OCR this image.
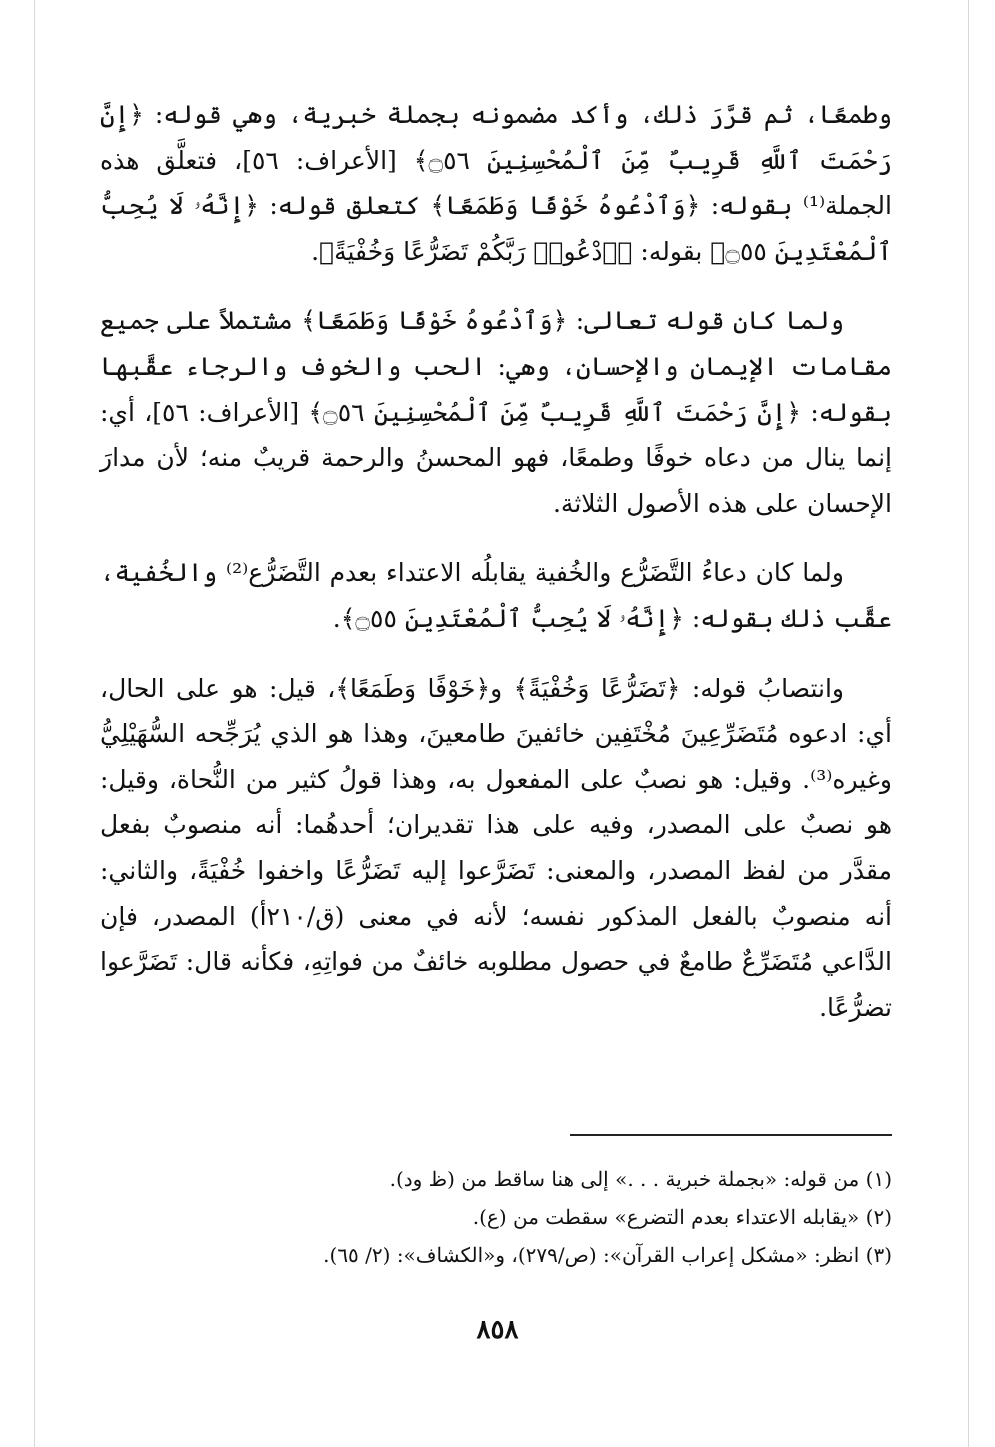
وطمعًا، ثم قرَّرَ ذلك، وأكد مضمونه بجملة خبرية، وهي قوله: ﴿إِنَّ رَحْمَتَ ٱللَّهِ قَرِيبٌ مِّنَ ٱلْمُحْسِنِينَ ۝٥٦﴾ [الأعراف: ٥٦]، فتعلَّق هذه الجملة⁽¹⁾ بقوله: ﴿وَٱدْعُوهُ خَوْفًا وَطَمَعًا﴾ كتعلق قوله: ﴿إِنَّهُۥ لَا يُحِبُّ ٱلْمُعْتَدِينَ ۝٥٥﴾ بقوله: ﴿ٱدْعُوا۟ رَبَّكُمْ تَضَرُّعًا وَخُفْيَةً﴾.

ولما كان قوله تعالى: ﴿وَٱدْعُوهُ خَوْفًا وَطَمَعًا﴾ مشتملاً على جميع مقامات الإيمان والإحسان، وهي: الحب والخوف والرجاء عقَّبها بقوله: ﴿إِنَّ رَحْمَتَ ٱللَّهِ قَرِيبٌ مِّنَ ٱلْمُحْسِنِينَ ۝٥٦﴾ [الأعراف: ٥٦]، أي: إنما ينال من دعاه خوفًا وطمعًا، فهو المحسنُ والرحمة قريبٌ منه؛ لأن مدارَ الإحسان على هذه الأصول الثلاثة.

ولما كان دعاءُ التَّضَرُّع والخُفية يقابلُه الاعتداء بعدم التَّضَرُّع⁽²⁾ والخُفية، عقَّب ذلك بقوله: ﴿إِنَّهُۥ لَا يُحِبُّ ٱلْمُعْتَدِينَ ۝٥٥﴾.

وانتصابُ قوله: ﴿تَضَرُّعًا وَخُفْيَةً﴾ و﴿خَوْفًا وَطَمَعًا﴾، قيل: هو على الحال، أي: ادعوه مُتَضَرِّعِينَ مُخْتَفِين خائفينَ طامعينَ، وهذا هو الذي يُرَجِّحه السُّهَيْلِيُّ وغيره⁽³⁾. وقيل: هو نصبٌ على المفعول به، وهذا قولُ كثير من النُّحاة، وقيل: هو نصبٌ على المصدر، وفيه على هذا تقديران؛ أحدهُما: أنه منصوبٌ بفعل مقدَّر من لفظ المصدر، والمعنى: تَضَرَّعوا إليه تَضَرُّعًا واخفوا خُفْيَةً، والثاني: أنه منصوبٌ بالفعل المذكور نفسه؛ لأنه في معنى (ق/٢١٠أ) المصدر، فإن الدَّاعي مُتَضَرِّعٌ طامعٌ في حصول مطلوبه خائفٌ من فواتِهِ، فكأنه قال: تَضَرَّعوا تضرُّعًا.

(١) من قوله: «بجملة خبرية . . .» إلى هنا ساقط من (ظ ود).

(٢) «يقابله الاعتداء بعدم التضرع» سقطت من (ع).

(٣) انظر: «مشكل إعراب القرآن»: (ص/٢٧٩)، و«الكشاف»: (٢/ ٦٥).

٨٥٨
